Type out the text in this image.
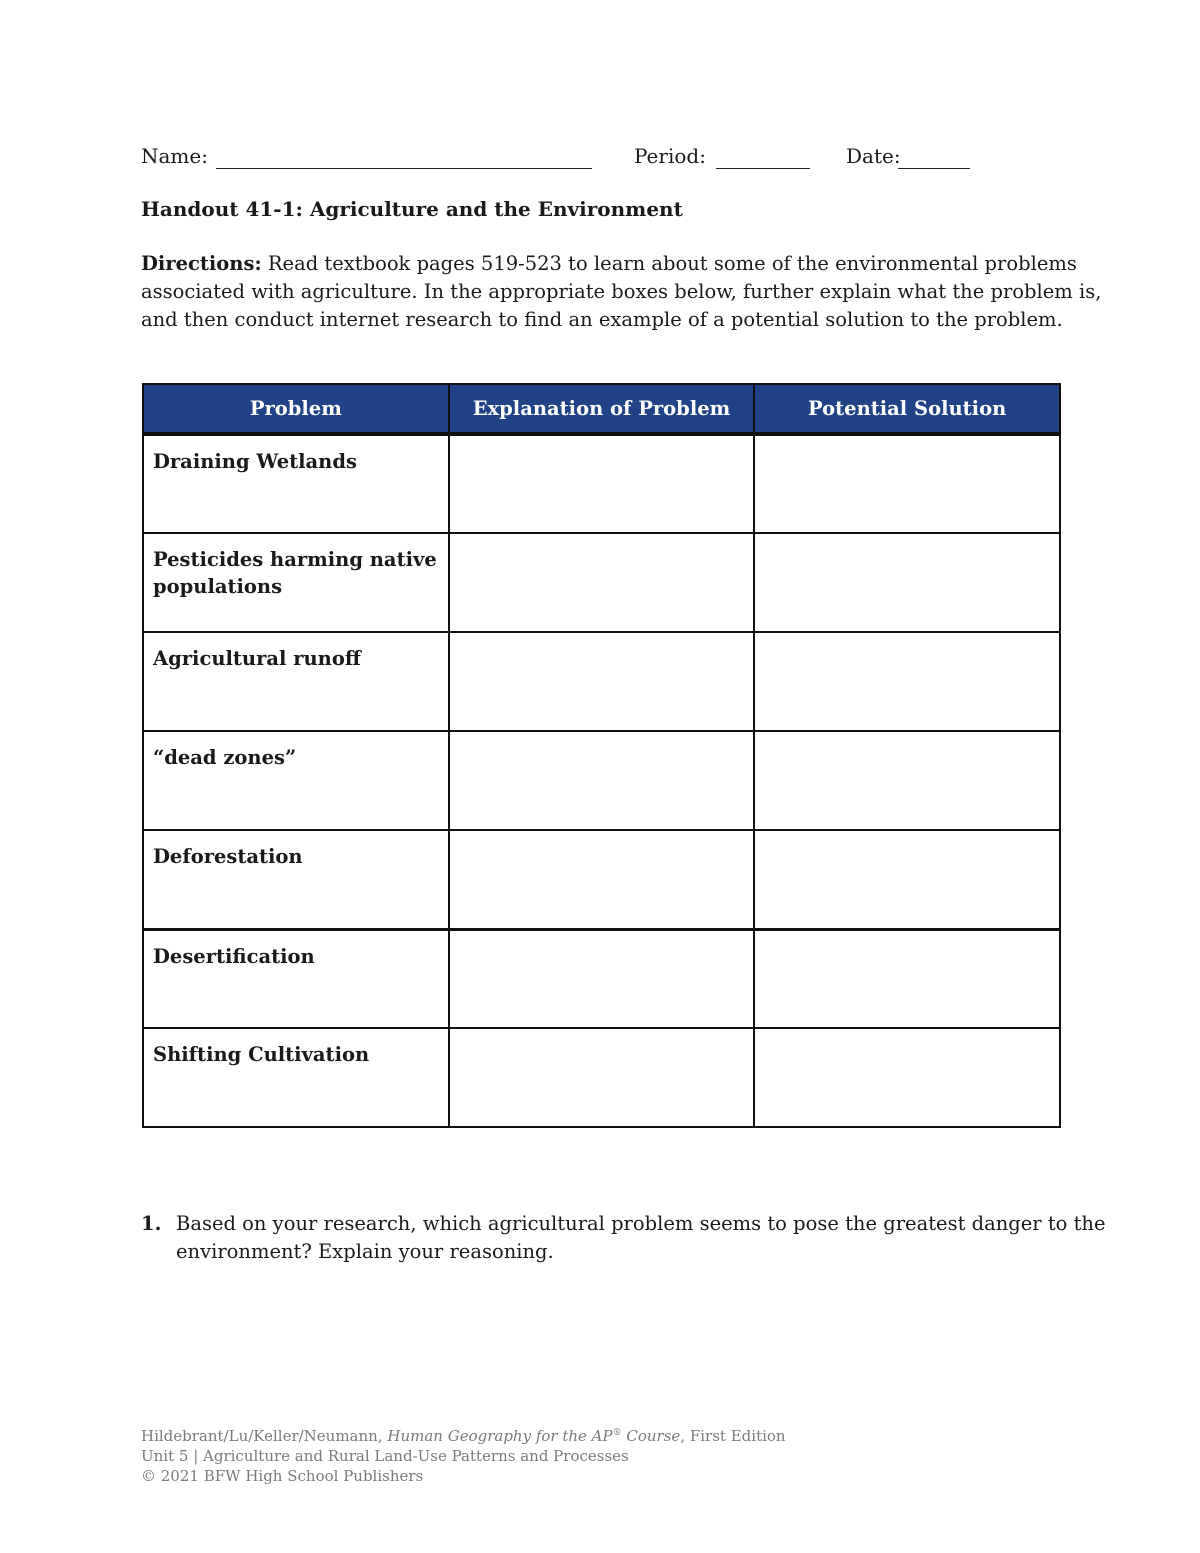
Name:	Period:	Date:
Handout 41-1: Agriculture and the Environment
Directions: Read textbook pages 519-523 to learn about some of the environmental problems
associated with agriculture. In the appropriate boxes below, further explain what the problem is,
and then conduct internet research to find an example of a potential solution to the problem.
Problem	Explanation of Problem	Potential Solution
Draining Wetlands		
Pesticides harming native populations		
Agricultural runoff		
“dead zones”		
Deforestation		
Desertification		
Shifting Cultivation		
1. Based on your research, which agricultural problem seems to pose the greatest danger to the
environment? Explain your reasoning.
Hildebrant/Lu/Keller/Neumann, Human Geography for the AP® Course, First Edition
Unit 5 | Agriculture and Rural Land-Use Patterns and Processes
© 2021 BFW High School Publishers
